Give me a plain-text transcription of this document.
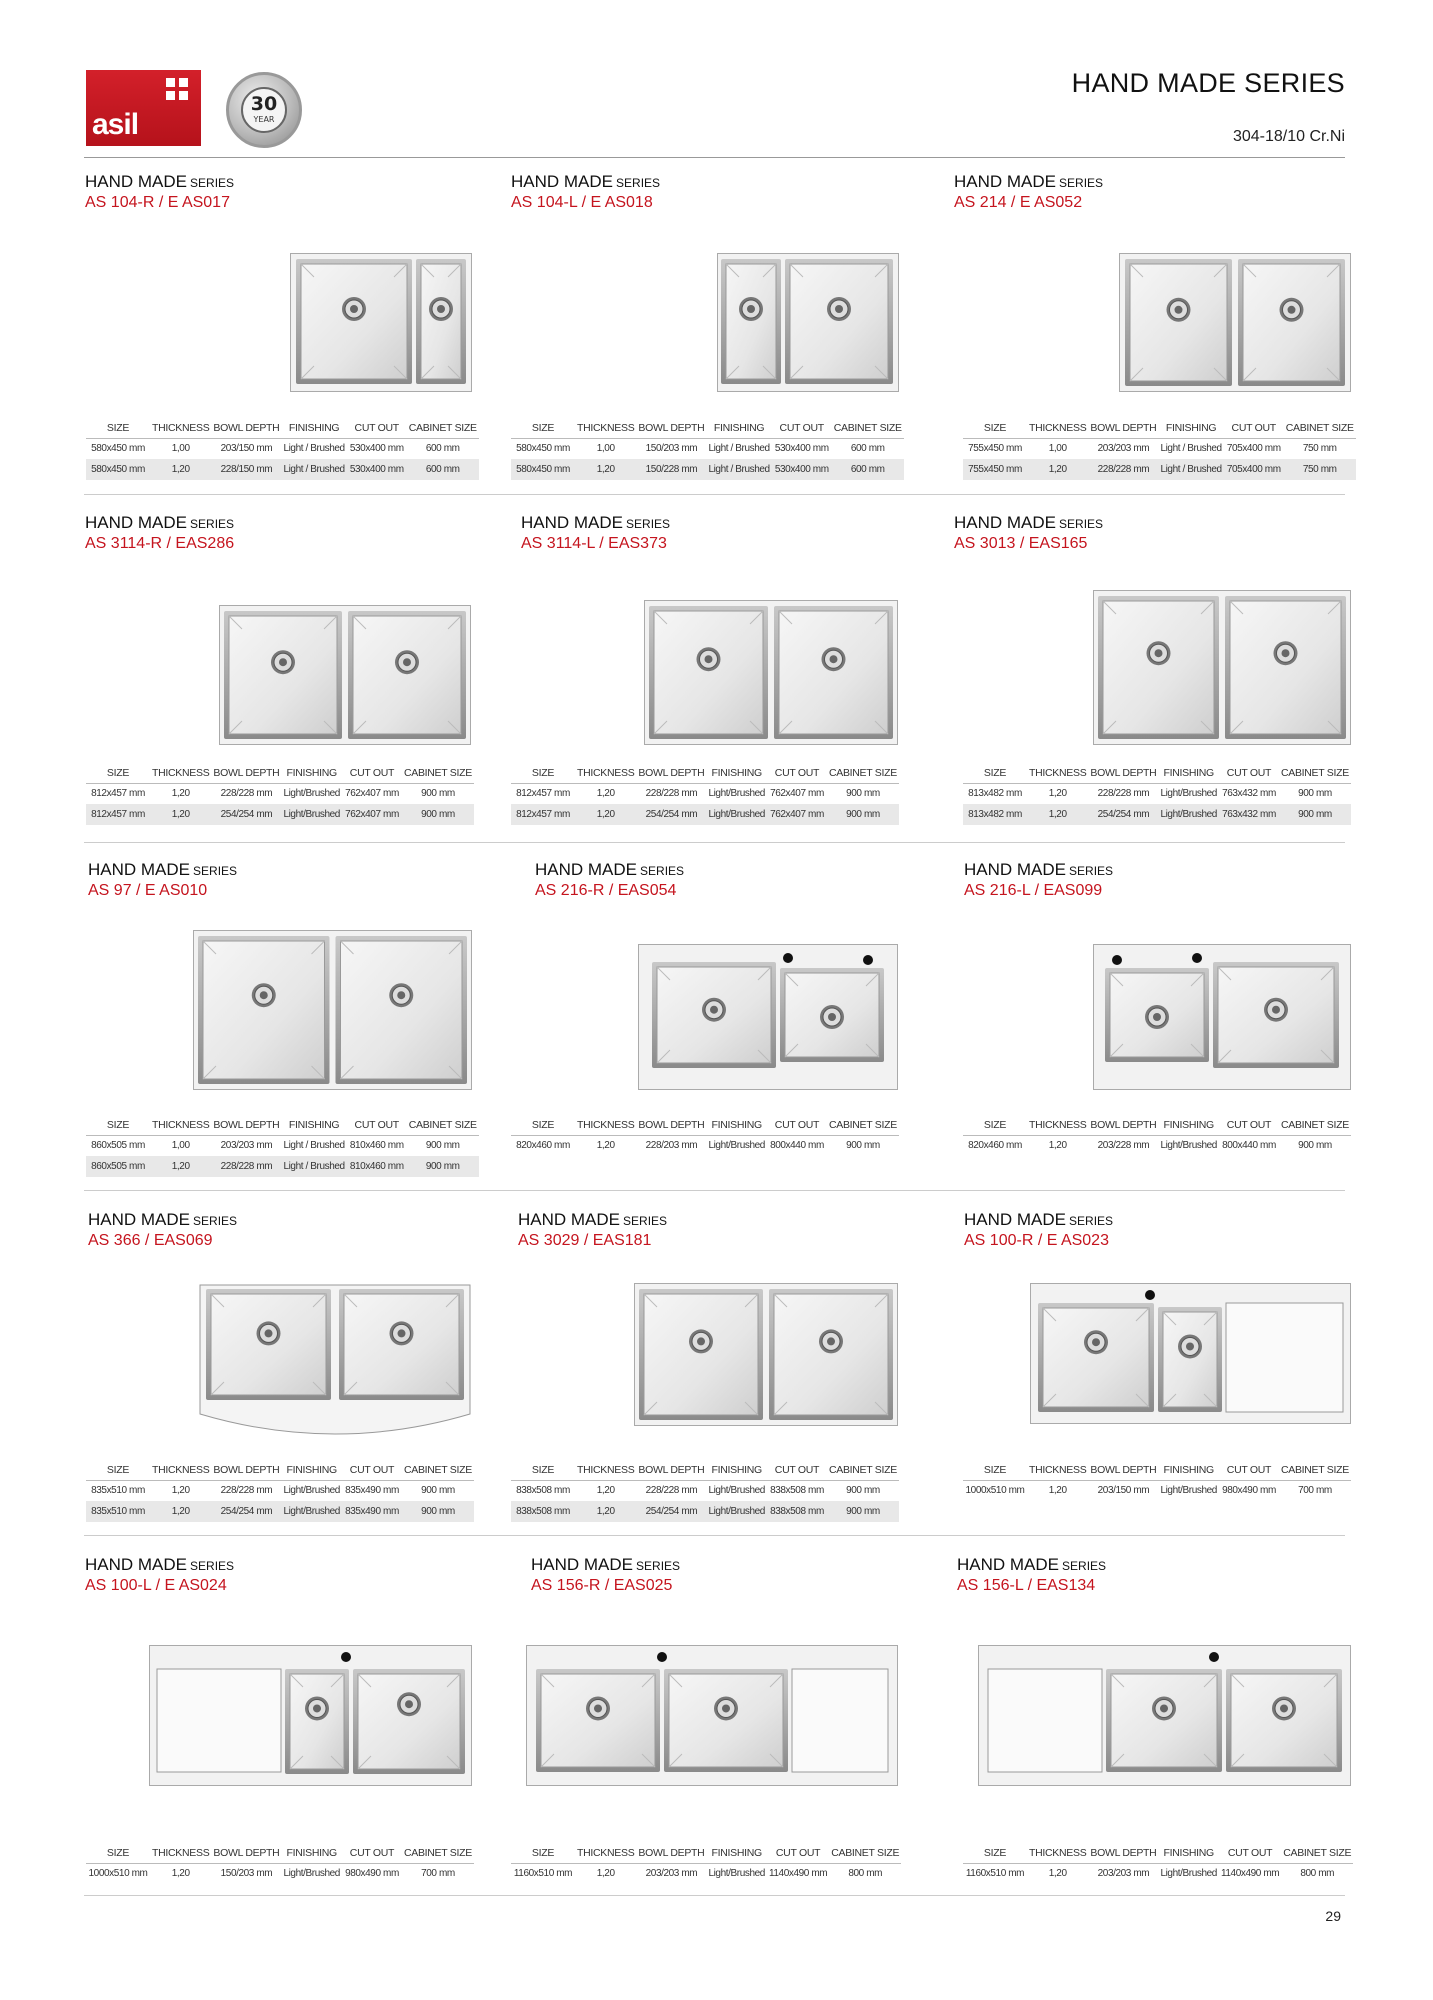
asil
30
YEAR
HAND MADE SERIES
304-18/10 Cr.Ni
HAND MADE SERIES
AS 104-R / E AS017
SIZE	THICKNESS	BOWL DEPTH	FINISHING	CUT OUT	CABINET SIZE
580x450 mm	1,00	203/150 mm	Light / Brushed	530x400 mm	600 mm
580x450 mm	1,20	228/150 mm	Light / Brushed	530x400 mm	600 mm
HAND MADE SERIES
AS 104-L / E AS018
SIZE	THICKNESS	BOWL DEPTH	FINISHING	CUT OUT	CABINET SIZE
580x450 mm	1,00	150/203 mm	Light / Brushed	530x400 mm	600 mm
580x450 mm	1,20	150/228 mm	Light / Brushed	530x400 mm	600 mm
HAND MADE SERIES
AS 214 / E AS052
SIZE	THICKNESS	BOWL DEPTH	FINISHING	CUT OUT	CABINET SIZE
755x450 mm	1,00	203/203 mm	Light / Brushed	705x400 mm	750 mm
755x450 mm	1,20	228/228 mm	Light / Brushed	705x400 mm	750 mm
HAND MADE SERIES
AS 3114-R / EAS286
SIZE	THICKNESS	BOWL DEPTH	FINISHING	CUT OUT	CABINET SIZE
812x457 mm	1,20	228/228 mm	Light/Brushed	762x407 mm	900 mm
812x457 mm	1,20	254/254 mm	Light/Brushed	762x407 mm	900 mm
HAND MADE SERIES
AS 3114-L / EAS373
SIZE	THICKNESS	BOWL DEPTH	FINISHING	CUT OUT	CABINET SIZE
812x457 mm	1,20	228/228 mm	Light/Brushed	762x407 mm	900 mm
812x457 mm	1,20	254/254 mm	Light/Brushed	762x407 mm	900 mm
HAND MADE SERIES
AS 3013 / EAS165
SIZE	THICKNESS	BOWL DEPTH	FINISHING	CUT OUT	CABINET SIZE
813x482 mm	1,20	228/228 mm	Light/Brushed	763x432 mm	900 mm
813x482 mm	1,20	254/254 mm	Light/Brushed	763x432 mm	900 mm
HAND MADE SERIES
AS 97 / E AS010
SIZE	THICKNESS	BOWL DEPTH	FINISHING	CUT OUT	CABINET SIZE
860x505 mm	1,00	203/203 mm	Light / Brushed	810x460 mm	900 mm
860x505 mm	1,20	228/228 mm	Light / Brushed	810x460 mm	900 mm
HAND MADE SERIES
AS 216-R / EAS054
SIZE	THICKNESS	BOWL DEPTH	FINISHING	CUT OUT	CABINET SIZE
820x460 mm	1,20	228/203 mm	Light/Brushed	800x440 mm	900 mm
HAND MADE SERIES
AS 216-L / EAS099
SIZE	THICKNESS	BOWL DEPTH	FINISHING	CUT OUT	CABINET SIZE
820x460 mm	1,20	203/228 mm	Light/Brushed	800x440 mm	900 mm
HAND MADE SERIES
AS 366 / EAS069
SIZE	THICKNESS	BOWL DEPTH	FINISHING	CUT OUT	CABINET SIZE
835x510 mm	1,20	228/228 mm	Light/Brushed	835x490 mm	900 mm
835x510 mm	1,20	254/254 mm	Light/Brushed	835x490 mm	900 mm
HAND MADE SERIES
AS 3029 / EAS181
SIZE	THICKNESS	BOWL DEPTH	FINISHING	CUT OUT	CABINET SIZE
838x508 mm	1,20	228/228 mm	Light/Brushed	838x508 mm	900 mm
838x508 mm	1,20	254/254 mm	Light/Brushed	838x508 mm	900 mm
HAND MADE SERIES
AS 100-R / E AS023
SIZE	THICKNESS	BOWL DEPTH	FINISHING	CUT OUT	CABINET SIZE
1000x510 mm	1,20	203/150 mm	Light/Brushed	980x490 mm	700 mm
HAND MADE SERIES
AS 100-L / E AS024
SIZE	THICKNESS	BOWL DEPTH	FINISHING	CUT OUT	CABINET SIZE
1000x510 mm	1,20	150/203 mm	Light/Brushed	980x490 mm	700 mm
HAND MADE SERIES
AS 156-R / EAS025
SIZE	THICKNESS	BOWL DEPTH	FINISHING	CUT OUT	CABINET SIZE
1160x510 mm	1,20	203/203 mm	Light/Brushed	1140x490 mm	800 mm
HAND MADE SERIES
AS 156-L / EAS134
SIZE	THICKNESS	BOWL DEPTH	FINISHING	CUT OUT	CABINET SIZE
1160x510 mm	1,20	203/203 mm	Light/Brushed	1140x490 mm	800 mm
29
